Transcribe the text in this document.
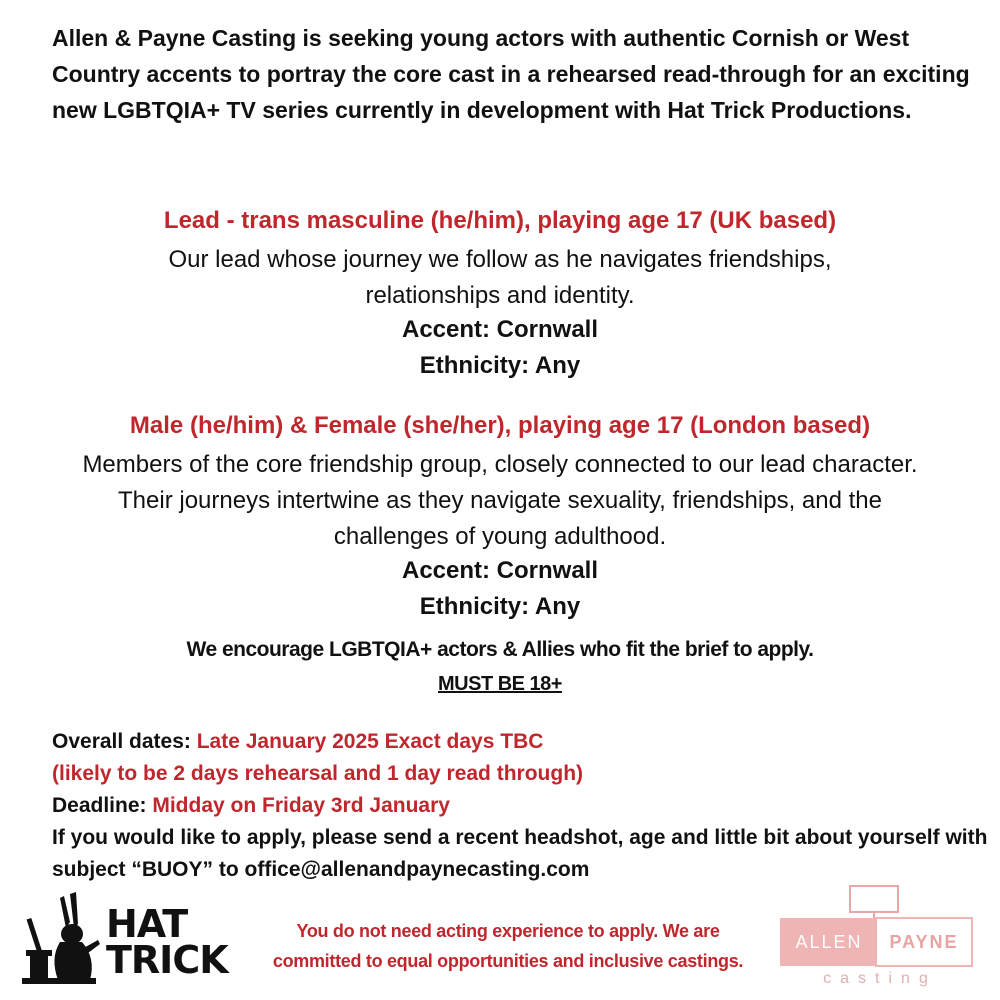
Allen & Payne Casting is seeking young actors with authentic Cornish or West Country accents to portray the core cast in a rehearsed read-through for an exciting new LGBTQIA+ TV series currently in development with Hat Trick Productions.
Lead - trans masculine (he/him), playing age 17 (UK based)
Our lead whose journey we follow as he navigates friendships, relationships and identity.
Accent: Cornwall
Ethnicity: Any
Male (he/him) & Female (she/her), playing age 17 (London based)
Members of the core friendship group, closely connected to our lead character. Their journeys intertwine as they navigate sexuality, friendships, and the challenges of young adulthood.
Accent: Cornwall
Ethnicity: Any
We encourage LGBTQIA+ actors & Allies who fit the brief to apply.
MUST BE 18+
Overall dates: Late January 2025 Exact days TBC
(likely to be 2 days rehearsal and 1 day read through)
Deadline: Midday on Friday 3rd January
If you would like to apply, please send a recent headshot, age and little bit about yourself with subject “BUOY” to office@allenandpaynecasting.com
HAT
TRICK
You do not need acting experience to apply. We are
committed to equal opportunities and inclusive castings.
ALLEN	PAYNE
casting
